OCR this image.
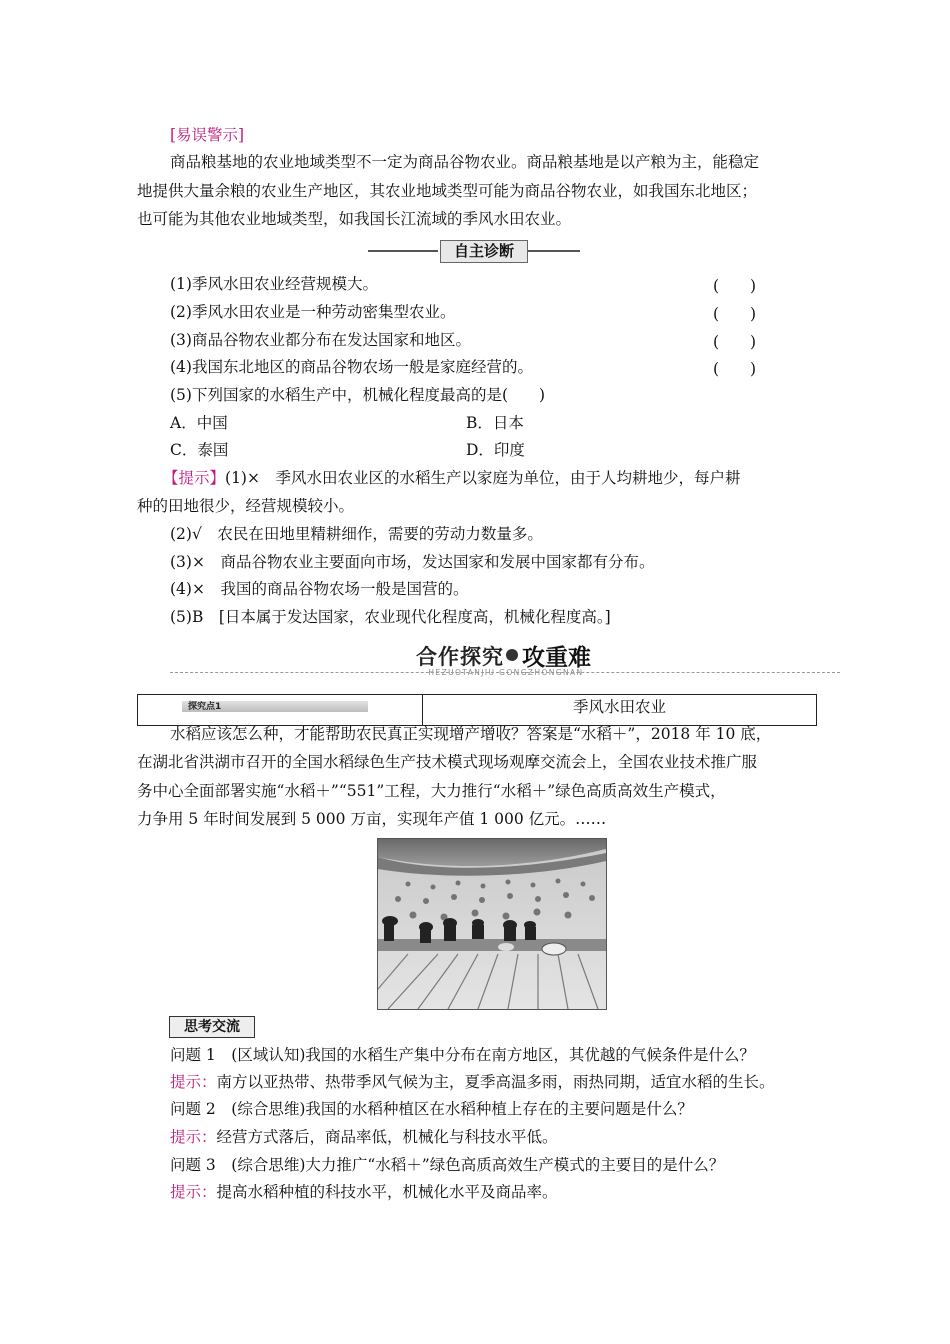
[易误警示]
商品粮基地的农业地域类型不一定为商品谷物农业。商品粮基地是以产粮为主，能稳定
地提供大量余粮的农业生产地区，其农业地域类型可能为商品谷物农业，如我国东北地区；
也可能为其他农业地域类型，如我国长江流域的季风水田农业。
自主诊断
(1)季风水田农业经营规模大。	(　　)
(2)季风水田农业是一种劳动密集型农业。	(　　)
(3)商品谷物农业都分布在发达国家和地区。	(　　)
(4)我国东北地区的商品谷物农场一般是家庭经营的。	(　　)
(5)下列国家的水稻生产中，机械化程度最高的是(　　)
A．中国	B．日本
C．泰国	D．印度
【提示】(1)×　季风水田农业区的水稻生产以家庭为单位，由于人均耕地少，每户耕
种的田地很少，经营规模较小。
(2)√　农民在田地里精耕细作，需要的劳动力数量多。
(3)×　商品谷物农业主要面向市场，发达国家和发展中国家都有分布。
(4)×　我国的商品谷物农场一般是国营的。
(5)B　[日本属于发达国家，农业现代化程度高，机械化程度高。]
合作探究 攻重难
HEZUOTANJIU GONGZHONGNAN
探究点1	季风水田农业
水稻应该怎么种，才能帮助农民真正实现增产增收？答案是“水稻＋”，2018 年 10 底，
在湖北省洪湖市召开的全国水稻绿色生产技术模式现场观摩交流会上，全国农业技术推广服
务中心全面部署实施“水稻＋”“551”工程，大力推行“水稻＋”绿色高质高效生产模式，
力争用 5 年时间发展到 5 000 万亩，实现年产值 1 000 亿元。……
思考交流
问题 1　(区域认知)我国的水稻生产集中分布在南方地区，其优越的气候条件是什么？
提示：南方以亚热带、热带季风气候为主，夏季高温多雨，雨热同期，适宜水稻的生长。
问题 2　(综合思维)我国的水稻种植区在水稻种植上存在的主要问题是什么？
提示：经营方式落后，商品率低，机械化与科技水平低。
问题 3　(综合思维)大力推广“水稻＋”绿色高质高效生产模式的主要目的是什么？
提示：提高水稻种植的科技水平，机械化水平及商品率。
